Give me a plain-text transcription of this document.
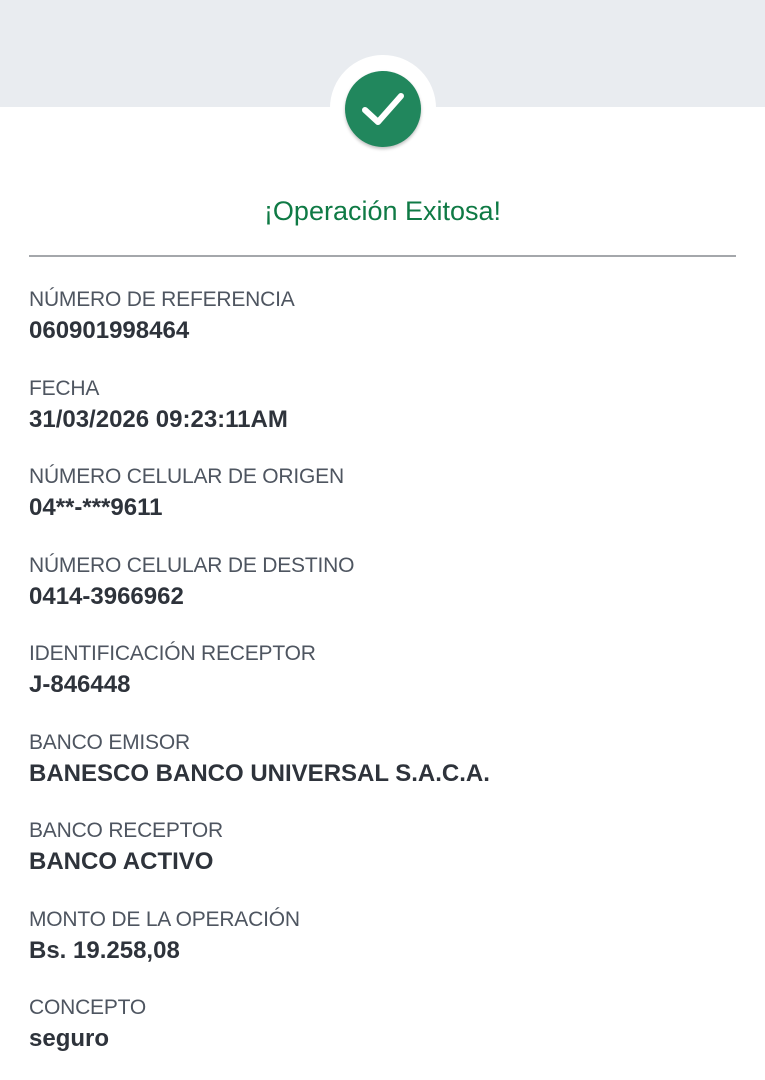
¡Operación Exitosa!
NÚMERO DE REFERENCIA
060901998464
FECHA
31/03/2026 09:23:11AM
NÚMERO CELULAR DE ORIGEN
04**-***9611
NÚMERO CELULAR DE DESTINO
0414-3966962
IDENTIFICACIÓN RECEPTOR
J-846448
BANCO EMISOR
BANESCO BANCO UNIVERSAL S.A.C.A.
BANCO RECEPTOR
BANCO ACTIVO
MONTO DE LA OPERACIÓN
Bs. 19.258,08
CONCEPTO
seguro
